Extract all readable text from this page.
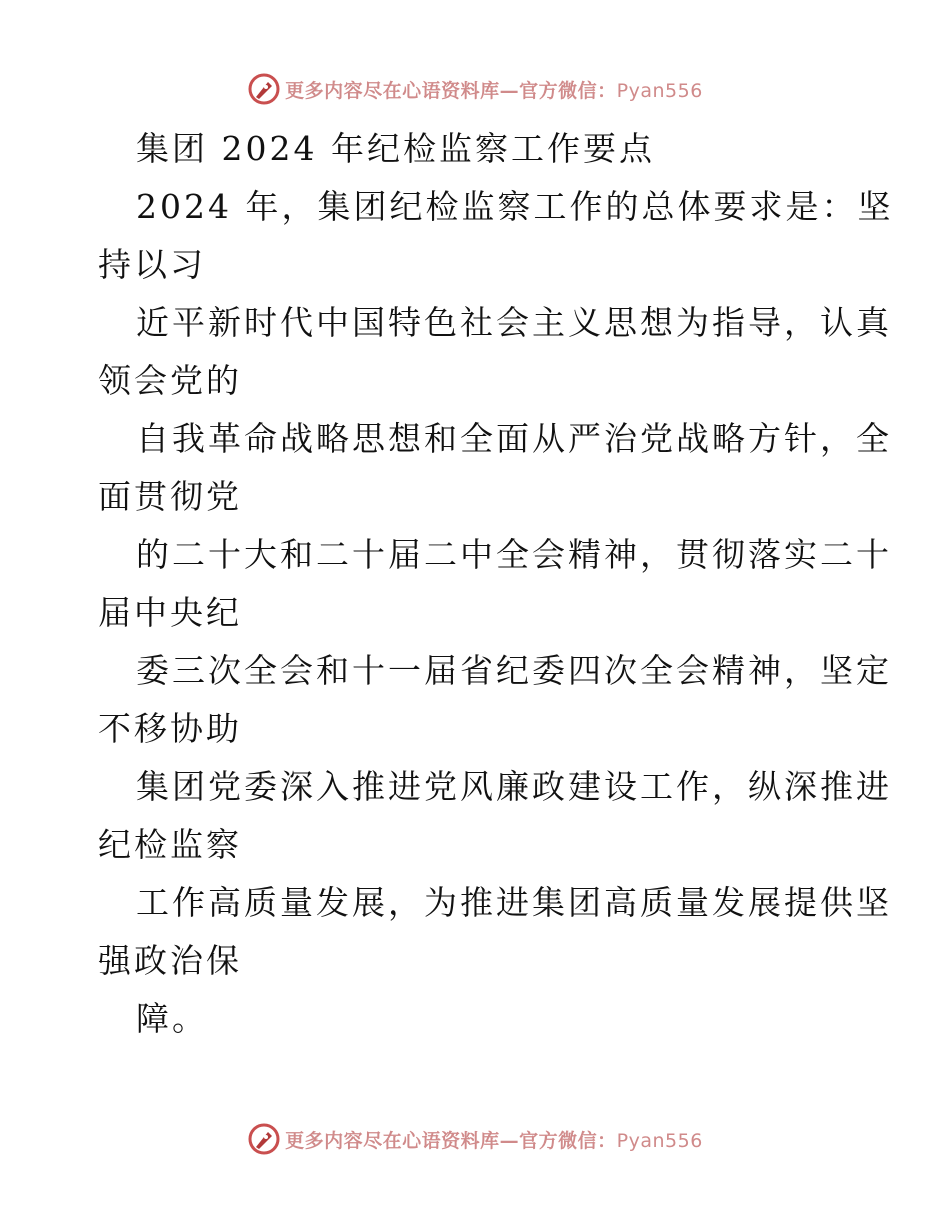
更多内容尽在心语资料库—官方微信：Pyan556
集团 2024 年纪检监察工作要点
2024 年，集团纪检监察工作的总体要求是：坚
持以习
近平新时代中国特色社会主义思想为指导，认真
领会党的
自我革命战略思想和全面从严治党战略方针，全
面贯彻党
的二十大和二十届二中全会精神，贯彻落实二十
届中央纪
委三次全会和十一届省纪委四次全会精神，坚定
不移协助
集团党委深入推进党风廉政建设工作，纵深推进
纪检监察
工作高质量发展，为推进集团高质量发展提供坚
强政治保
障。
更多内容尽在心语资料库—官方微信：Pyan556
